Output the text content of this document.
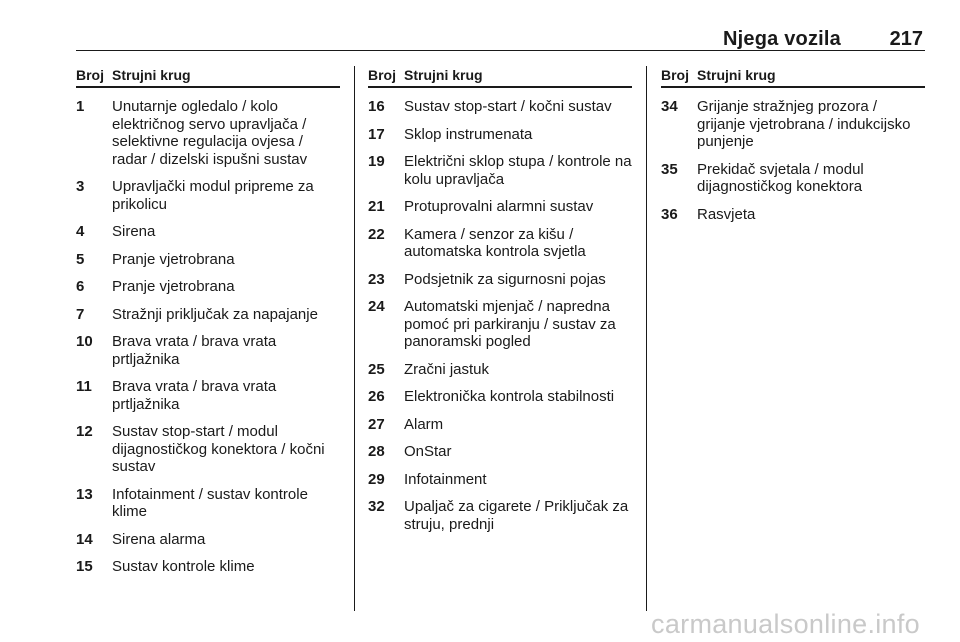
Njega vozila 217
Broj Strujni krug
1	Unutarnje ogledalo / kolo električnog servo upravljača / selektivne regulacija ovjesa / radar / dizelski ispušni sustav
3	Upravljački modul pripreme za prikolicu
4	Sirena
5	Pranje vjetrobrana
6	Pranje vjetrobrana
7	Stražnji priključak za napajanje
10	Brava vrata / brava vrata prtljažnika
11	Brava vrata / brava vrata prtljažnika
12	Sustav stop-start / modul dijagnostičkog konektora / kočni sustav
13	Infotainment / sustav kontrole klime
14	Sirena alarma
15	Sustav kontrole klime
Broj Strujni krug
16	Sustav stop-start / kočni sustav
17	Sklop instrumenata
19	Električni sklop stupa / kontrole na kolu upravljača
21	Protuprovalni alarmni sustav
22	Kamera / senzor za kišu / automatska kontrola svjetla
23	Podsjetnik za sigurnosni pojas
24	Automatski mjenjač / napredna pomoć pri parkiranju / sustav za panoramski pogled
25	Zračni jastuk
26	Elektronička kontrola stabilnosti
27	Alarm
28	OnStar
29	Infotainment
32	Upaljač za cigarete / Priključak za struju, prednji
Broj Strujni krug
34	Grijanje stražnjeg prozora / grijanje vjetrobrana / indukcijsko punjenje
35	Prekidač svjetala / modul dijagnostičkog konektora
36	Rasvjeta
carmanualsonline.info
